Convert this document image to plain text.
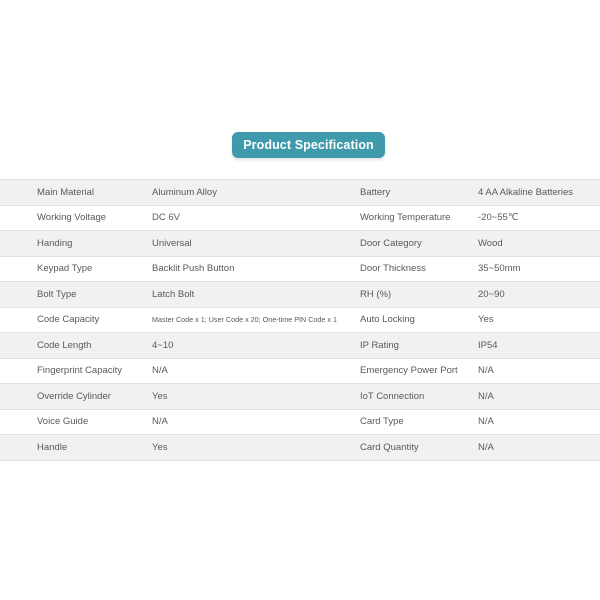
Product Specification
Main Material	Aluminum Alloy	Battery	4 AA Alkaline Batteries
Working Voltage	DC 6V	Working Temperature	-20~55℃
Handing	Universal	Door Category	Wood
Keypad Type	Backlit Push Button	Door Thickness	35~50mm
Bolt Type	Latch Bolt	RH (%)	20~90
Code Capacity	Master Code x 1; User Code x 20; One-time PIN Code x 1	Auto Locking	Yes
Code Length	4~10	IP Rating	IP54
Fingerprint Capacity	N/A	Emergency Power Port	N/A
Override Cylinder	Yes	IoT Connection	N/A
Voice Guide	N/A	Card Type	N/A
Handle	Yes	Card Quantity	N/A
